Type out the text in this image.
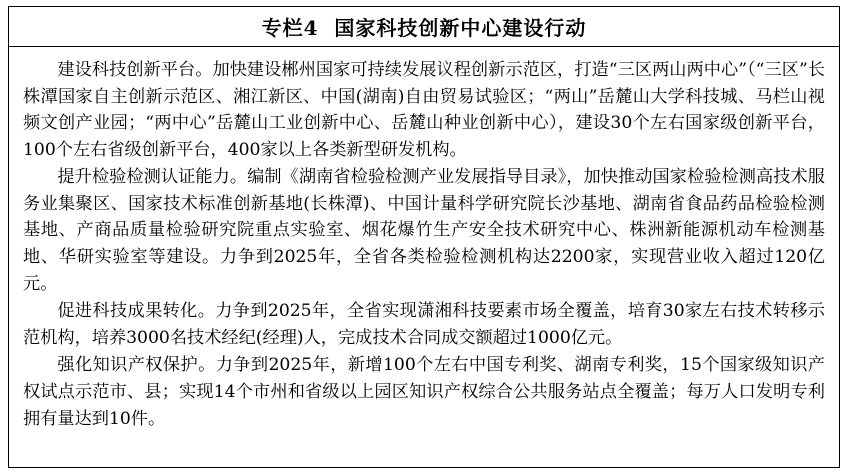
专栏4  国家科技创新中心建设行动

建设科技创新平台。加快建设郴州国家可持续发展议程创新示范区，打造“三区两山两中心”（“三区”长株潭国家自主创新示范区、湘江新区、中国(湖南)自由贸易试验区；“两山”岳麓山大学科技城、马栏山视频文创产业园；“两中心”岳麓山工业创新中心、岳麓山种业创新中心），建设30个左右国家级创新平台，100个左右省级创新平台，400家以上各类新型研发机构。

提升检验检测认证能力。编制《湖南省检验检测产业发展指导目录》，加快推动国家检验检测高技术服务业集聚区、国家技术标准创新基地(长株潭)、中国计量科学研究院长沙基地、湖南省食品药品检验检测基地、产商品质量检验研究院重点实验室、烟花爆竹生产安全技术研究中心、株洲新能源机动车检测基地、华研实验室等建设。力争到2025年，全省各类检验检测机构达2200家，实现营业收入超过120亿元。

促进科技成果转化。力争到2025年，全省实现潇湘科技要素市场全覆盖，培育30家左右技术转移示范机构，培养3000名技术经纪(经理)人，完成技术合同成交额超过1000亿元。

强化知识产权保护。力争到2025年，新增100个左右中国专利奖、湖南专利奖，15个国家级知识产权试点示范市、县；实现14个市州和省级以上园区知识产权综合公共服务站点全覆盖；每万人口发明专利拥有量达到10件。
